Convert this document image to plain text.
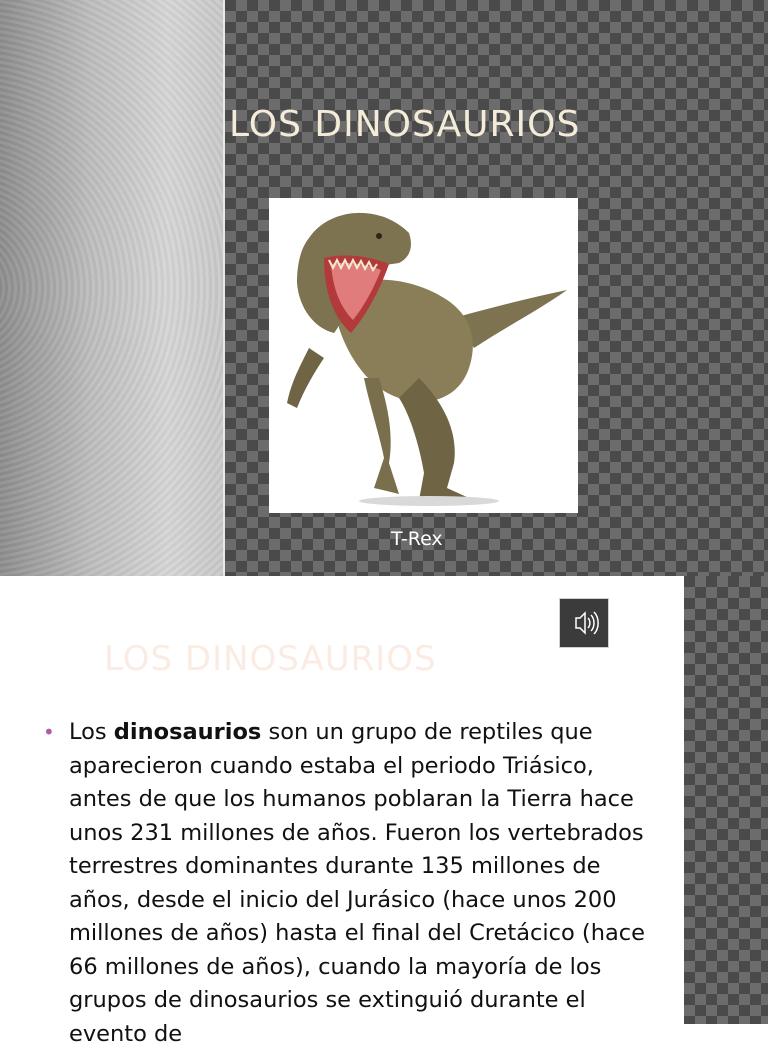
LOS DINOSAURIOS
T-Rex
LOS DINOSAURIOS
• Los dinosaurios son un grupo de reptiles que aparecieron cuando estaba el periodo Triásico, antes de que los humanos poblaran la Tierra hace unos 231 millones de años. Fueron los vertebrados terrestres dominantes durante 135 millones de años, desde el inicio del Jurásico (hace unos 200 millones de años) hasta el final del Cretácico (hace 66 millones de años), cuando la mayoría de los grupos de dinosaurios se extinguió durante el evento de
